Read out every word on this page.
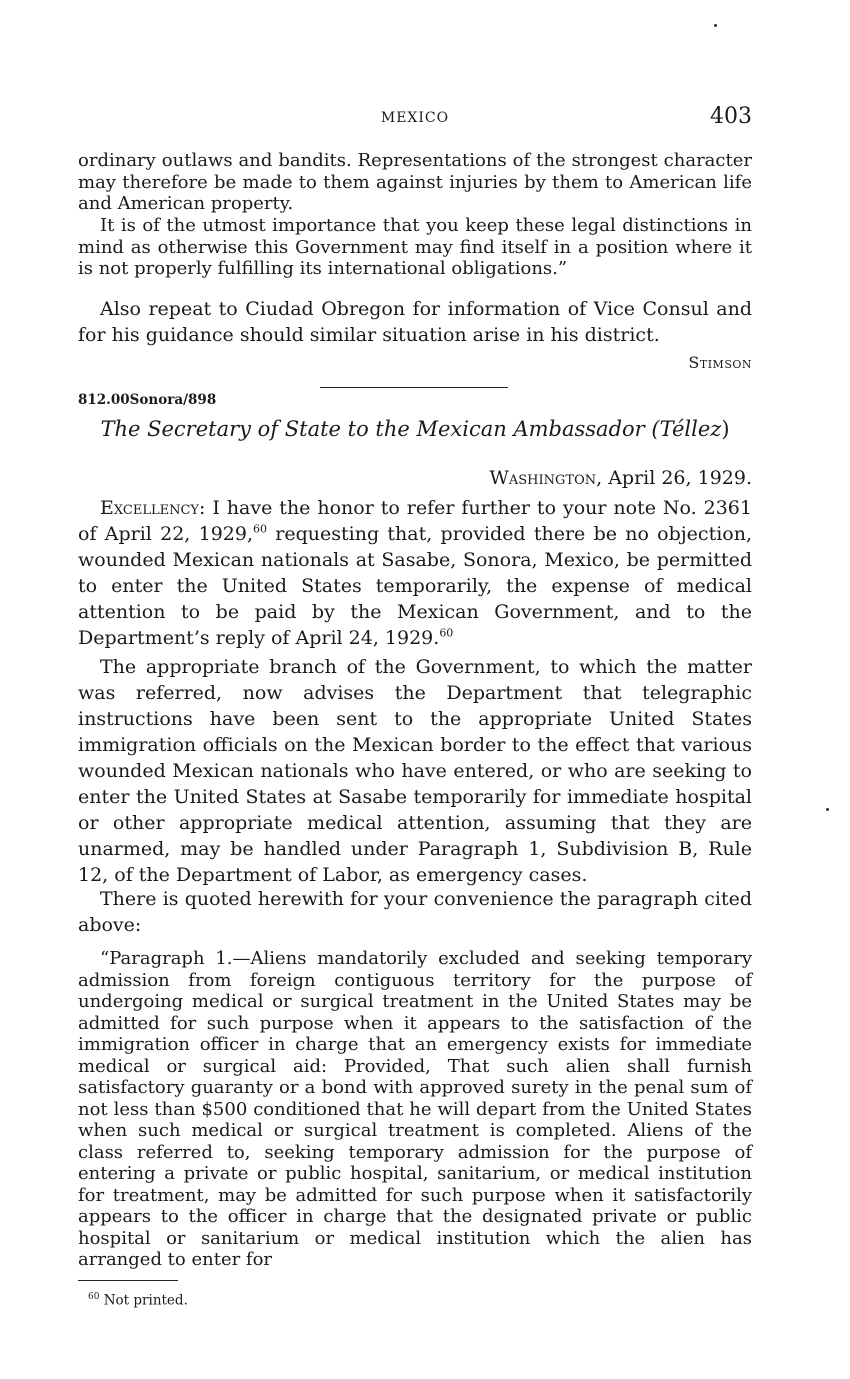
MEXICO	403

ordinary outlaws and bandits. Representations of the strongest character may therefore be made to them against injuries by them to American life and American property.

It is of the utmost importance that you keep these legal distinctions in mind as otherwise this Government may find itself in a position where it is not properly fulfilling its international obligations.”

Also repeat to Ciudad Obregon for information of Vice Consul and for his guidance should similar situation arise in his district.

Stimson
812.00Sonora/898
The Secretary of State to the Mexican Ambassador (Téllez)
Washington, April 26, 1929.

Excellency: I have the honor to refer further to your note No. 2361 of April 22, 1929,60 requesting that, provided there be no objection, wounded Mexican nationals at Sasabe, Sonora, Mexico, be permitted to enter the United States temporarily, the expense of medical attention to be paid by the Mexican Government, and to the Department’s reply of April 24, 1929.60

The appropriate branch of the Government, to which the matter was referred, now advises the Department that telegraphic instructions have been sent to the appropriate United States immigration officials on the Mexican border to the effect that various wounded Mexican nationals who have entered, or who are seeking to enter the United States at Sasabe temporarily for immediate hospital or other appropriate medical attention, assuming that they are unarmed, may be handled under Paragraph 1, Subdivision B, Rule 12, of the Department of Labor, as emergency cases.

There is quoted herewith for your convenience the paragraph cited above:

“Paragraph 1.—Aliens mandatorily excluded and seeking temporary admission from foreign contiguous territory for the purpose of undergoing medical or surgical treatment in the United States may be admitted for such purpose when it appears to the satisfaction of the immigration officer in charge that an emergency exists for immediate medical or surgical aid: Provided, That such alien shall furnish satisfactory guaranty or a bond with approved surety in the penal sum of not less than $500 conditioned that he will depart from the United States when such medical or surgical treatment is completed. Aliens of the class referred to, seeking temporary admission for the purpose of entering a private or public hospital, sanitarium, or medical institution for treatment, may be admitted for such purpose when it satisfactorily appears to the officer in charge that the designated private or public hospital or sanitarium or medical institution which the alien has arranged to enter for

$^{60}$ Not printed.
